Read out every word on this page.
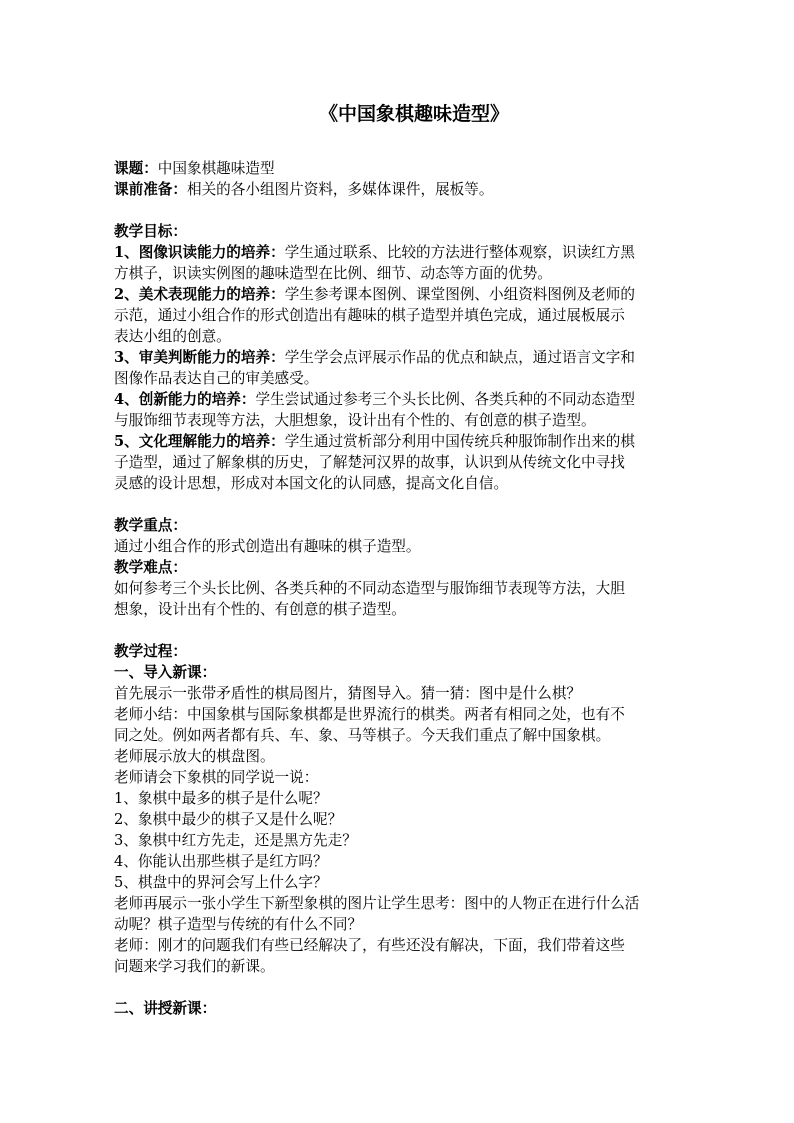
《中国象棋趣味造型》
课题：中国象棋趣味造型
课前准备：相关的各小组图片资料，多媒体课件，展板等。
教学目标：
1、图像识读能力的培养：学生通过联系、比较的方法进行整体观察，识读红方黑
方棋子，识读实例图的趣味造型在比例、细节、动态等方面的优势。
2、美术表现能力的培养：学生参考课本图例、课堂图例、小组资料图例及老师的
示范，通过小组合作的形式创造出有趣味的棋子造型并填色完成，通过展板展示
表达小组的创意。
3、审美判断能力的培养：学生学会点评展示作品的优点和缺点，通过语言文字和
图像作品表达自己的审美感受。
4、创新能力的培养：学生尝试通过参考三个头长比例、各类兵种的不同动态造型
与服饰细节表现等方法，大胆想象，设计出有个性的、有创意的棋子造型。
5、文化理解能力的培养：学生通过赏析部分利用中国传统兵种服饰制作出来的棋
子造型，通过了解象棋的历史，了解楚河汉界的故事，认识到从传统文化中寻找
灵感的设计思想，形成对本国文化的认同感，提高文化自信。
教学重点：
通过小组合作的形式创造出有趣味的棋子造型。
教学难点：
如何参考三个头长比例、各类兵种的不同动态造型与服饰细节表现等方法，大胆
想象，设计出有个性的、有创意的棋子造型。
教学过程：
一、导入新课：
首先展示一张带矛盾性的棋局图片，猜图导入。猜一猜：图中是什么棋？
老师小结：中国象棋与国际象棋都是世界流行的棋类。两者有相同之处，也有不
同之处。例如两者都有兵、车、象、马等棋子。今天我们重点了解中国象棋。
老师展示放大的棋盘图。
老师请会下象棋的同学说一说：
1、象棋中最多的棋子是什么呢？
2、象棋中最少的棋子又是什么呢？
3、象棋中红方先走，还是黑方先走？
4、你能认出那些棋子是红方吗？
5、棋盘中的界河会写上什么字？
老师再展示一张小学生下新型象棋的图片让学生思考：图中的人物正在进行什么活
动呢？棋子造型与传统的有什么不同？
老师：刚才的问题我们有些已经解决了，有些还没有解决，下面，我们带着这些
问题来学习我们的新课。
二、讲授新课：
